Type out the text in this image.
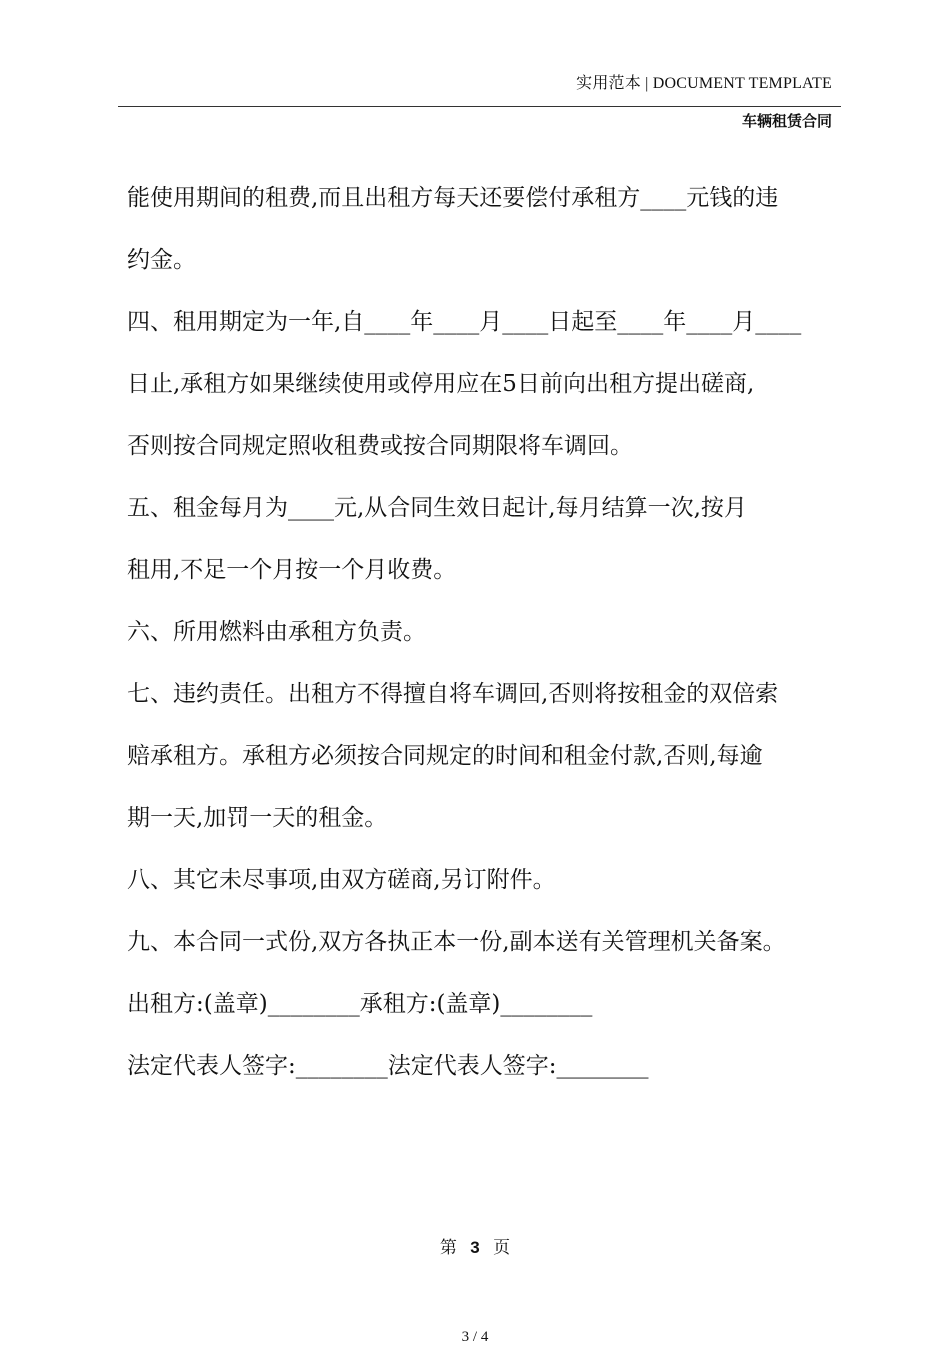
实用范本 | DOCUMENT TEMPLATE
车辆租赁合同
能使用期间的租费,而且出租方每天还要偿付承租方____元钱的违
约金。
四、租用期定为一年,自____年____月____日起至____年____月____
日止,承租方如果继续使用或停用应在5日前向出租方提出磋商,
否则按合同规定照收租费或按合同期限将车调回。
五、租金每月为____元,从合同生效日起计,每月结算一次,按月
租用,不足一个月按一个月收费。
六、所用燃料由承租方负责。
七、违约责任。出租方不得擅自将车调回,否则将按租金的双倍索
赔承租方。承租方必须按合同规定的时间和租金付款,否则,每逾
期一天,加罚一天的租金。
八、其它未尽事项,由双方磋商,另订附件。
九、本合同一式份,双方各执正本一份,副本送有关管理机关备案。
出租方:(盖章)________承租方:(盖章)________
法定代表人签字:________法定代表人签字:________
第 3 页
3 / 4
